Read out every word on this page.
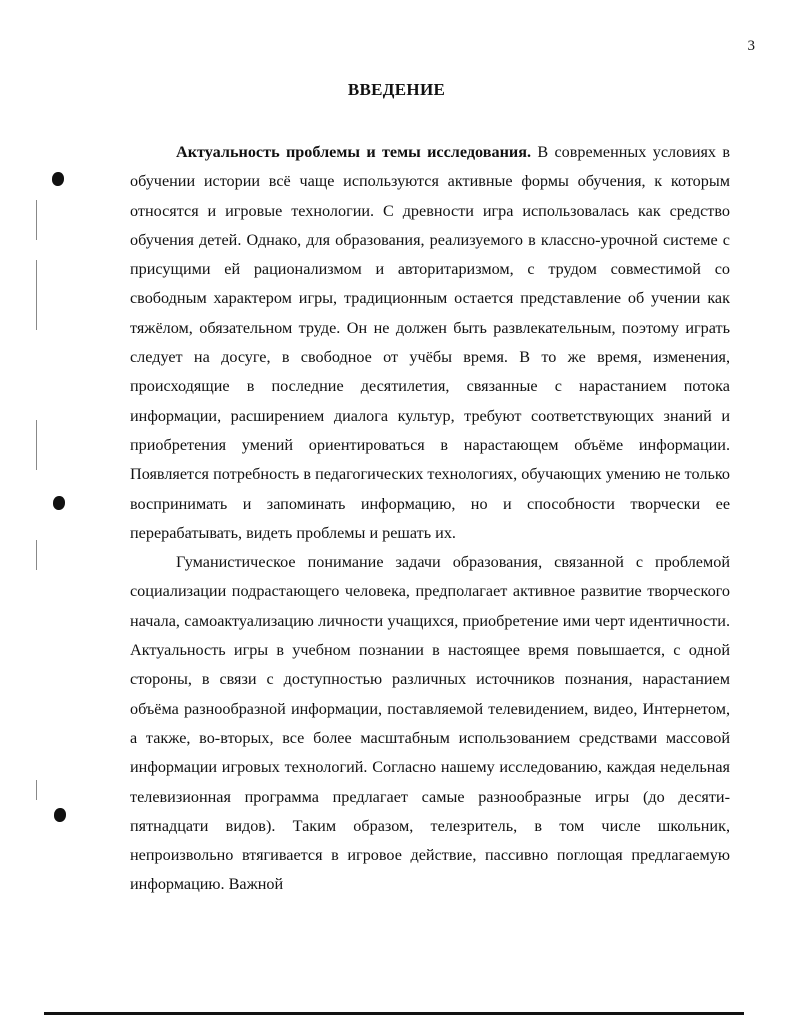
3
ВВЕДЕНИЕ

Актуальность проблемы и темы исследования. В современных условиях в обучении истории всё чаще используются активные формы обучения, к которым относятся и игровые технологии. С древности игра использовалась как средство обучения детей. Однако, для образования, реализуемого в классно-урочной системе с присущими ей рационализмом и авторитаризмом, с трудом совместимой со свободным характером игры, традиционным остается представление об учении как тяжёлом, обязательном труде. Он не должен быть развлекательным, поэтому играть следует на досуге, в свободное от учёбы время. В то же время, изменения, происходящие в последние десятилетия, связанные с нарастанием потока информации, расширением диалога культур, требуют соответствующих знаний и приобретения умений ориентироваться в нарастающем объёме информации. Появляется потребность в педагогических технологиях, обучающих умению не только воспринимать и запоминать информацию, но и способности творчески ее перерабатывать, видеть проблемы и решать их.

Гуманистическое понимание задачи образования, связанной с проблемой социализации подрастающего человека, предполагает активное развитие творческого начала, самоактуализацию личности учащихся, приобретение ими черт идентичности. Актуальность игры в учебном познании в настоящее время повышается, с одной стороны, в связи с доступностью различных источников познания, нарастанием объёма разнообразной информации, поставляемой телевидением, видео, Интернетом, а также, во-вторых, все более масштабным использованием средствами массовой информации игровых технологий. Согласно нашему исследованию, каждая недельная телевизионная программа предлагает самые разнообразные игры (до десяти-пятнадцати видов). Таким образом, телезритель, в том числе школьник, непроизвольно втягивается в игровое действие, пассивно поглощая предлагаемую информацию. Важной
